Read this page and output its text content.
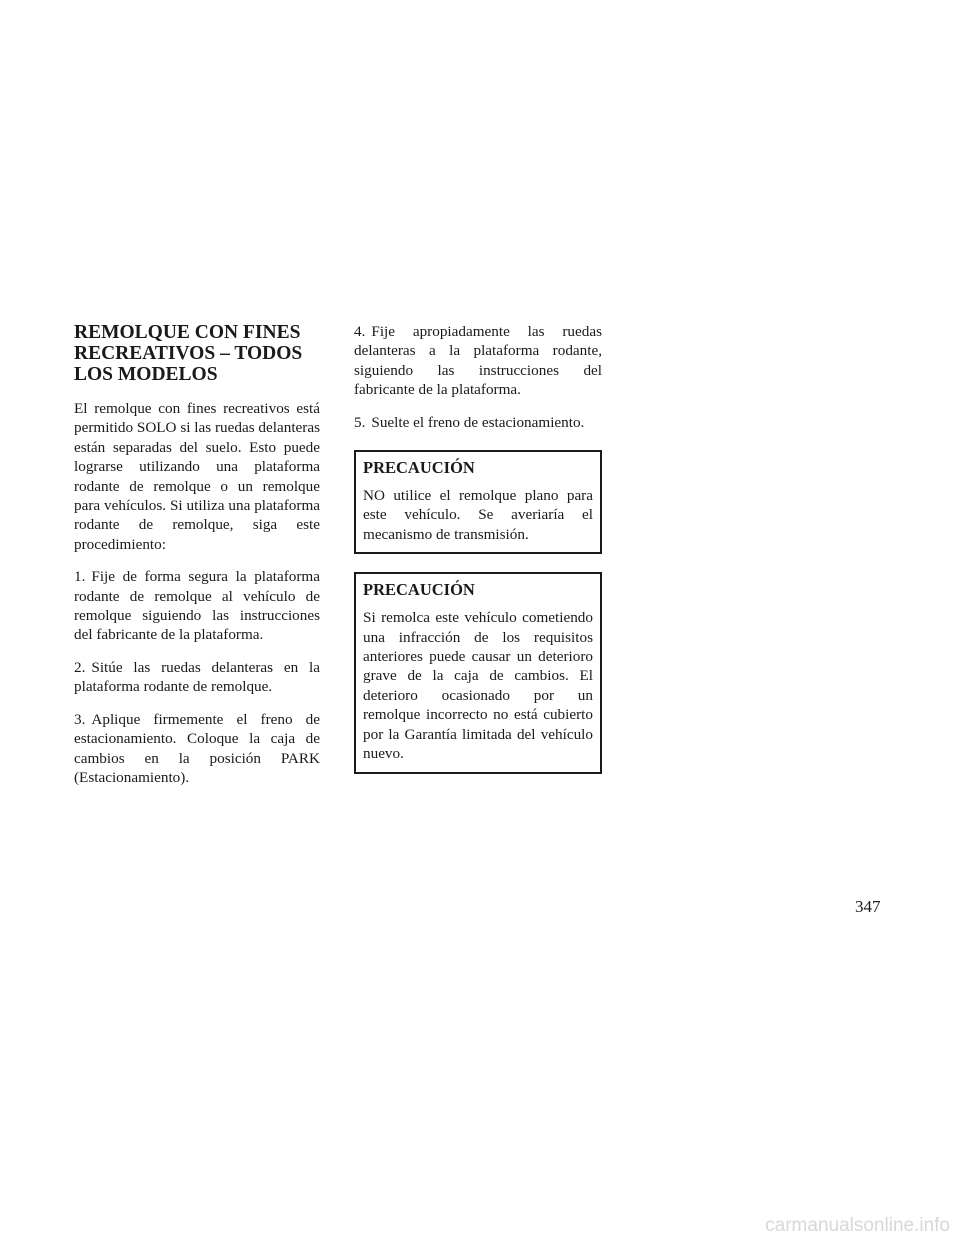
REMOLQUE CON FINES
RECREATIVOS – TODOS
LOS MODELOS

El remolque con fines recreativos está permitido SOLO si las ruedas delanteras están separadas del suelo. Esto puede lograrse utilizando una plataforma rodante de remolque o un remolque para vehículos. Si utiliza una plataforma rodante de remolque, siga este procedimiento:

1. Fije de forma segura la plataforma rodante de remolque al vehículo de remolque siguiendo las instrucciones del fabricante de la plataforma.

2. Sitúe las ruedas delanteras en la plataforma rodante de remolque.

3. Aplique firmemente el freno de estacionamiento. Coloque la caja de cambios en la posición PARK (Estacionamiento).

4. Fije apropiadamente las ruedas delanteras a la plataforma rodante, siguiendo las instrucciones del fabricante de la plataforma.

5. Suelte el freno de estacionamiento.

PRECAUCIÓN

NO utilice el remolque plano para este vehículo. Se averiaría el mecanismo de transmisión.

PRECAUCIÓN

Si remolca este vehículo cometiendo una infracción de los requisitos anteriores puede causar un deterioro grave de la caja de cambios. El deterioro ocasionado por un remolque incorrecto no está cubierto por la Garantía limitada del vehículo nuevo.

347
carmanualsonline.info
